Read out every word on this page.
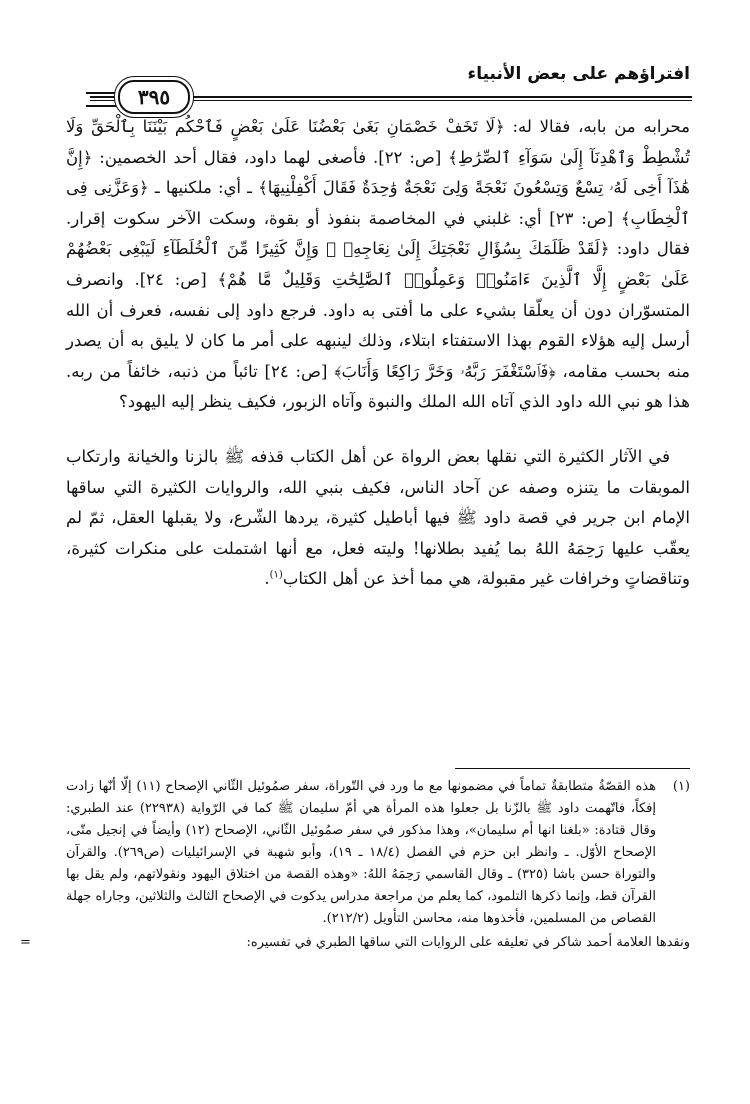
افتراؤهم على بعض الأنبياء
٣٩٥

محرابه من بابه، فقالا له: ﴿لَا تَخَفْ خَصْمَانِ بَغَىٰ بَعْضُنَا عَلَىٰ بَعْضٍ فَٱحْكُم بَيْنَنَا بِٱلْحَقِّ وَلَا تُشْطِطْ وَٱهْدِنَآ إِلَىٰ سَوَآءِ ٱلصِّرَٰطِ﴾ [ص: ٢٢]. فأصغى لهما داود، فقال أحد الخصمين: ﴿إِنَّ هَٰذَآ أَخِى لَهُۥ تِسْعٌ وَتِسْعُونَ نَعْجَةً وَلِىَ نَعْجَةٌ وَٰحِدَةٌ فَقَالَ أَكْفِلْنِيهَا﴾ ـ أي: ملكنيها ـ ﴿وَعَزَّنِى فِى ٱلْخِطَابِ﴾ [ص: ٢٣] أي: غلبني في المخاصمة بنفوذ أو بقوة، وسكت الآخر سكوت إقرار. فقال داود: ﴿لَقَدْ ظَلَمَكَ بِسُؤَالِ نَعْجَتِكَ إِلَىٰ نِعَاجِهِۦ ۖ وَإِنَّ كَثِيرًا مِّنَ ٱلْخُلَطَآءِ لَيَبْغِى بَعْضُهُمْ عَلَىٰ بَعْضٍ إِلَّا ٱلَّذِينَ ءَامَنُوا۟ وَعَمِلُوا۟ ٱلصَّٰلِحَٰتِ وَقَلِيلٌ مَّا هُمْ﴾ [ص: ٢٤]. وانصرف المتسوّران دون أن يعلّقا بشيء على ما أفتى به داود. فرجع داود إلى نفسه، فعرف أن الله أرسل إليه هؤلاء القوم بهذا الاستفتاء ابتلاء، وذلك لينبهه على أمر ما كان لا يليق به أن يصدر منه بحسب مقامه، ﴿فَٱسْتَغْفَرَ رَبَّهُۥ وَخَرَّ رَاكِعًا وَأَنَابَ﴾ [ص: ٢٤] تائباً من ذنبه، خائفاً من ربه. هذا هو نبي الله داود الذي آتاه الله الملك والنبوة وآتاه الزبور، فكيف ينظر إليه اليهود؟

في الآثار الكثيرة التي نقلها بعض الرواة عن أهل الكتاب قذفه ﷺ بالزنا والخيانة وارتكاب الموبقات ما يتنزه وصفه عن آحاد الناس، فكيف بنبي الله، والروايات الكثيرة التي ساقها الإمام ابن جرير في قصة داود ﷺ فيها أباطيل كثيرة، يردها الشّرع، ولا يقبلها العقل، ثمّ لم يعقّب عليها رَحِمَهُ اللهُ بما يُفيد بطلانها! وليته فعل، مع أنها اشتملت على منكرات كثيرة، وتناقضاتٍ وخرافات غير مقبولة، هي مما أخذ عن أهل الكتاب$^{(١)}$.

(١)
هذه القصّةُ متطابقةٌ تماماً في مضمونها مع ما ورد في التّوراة، سفر صمُوئيل الثّاني الإصحاح (١١) إلّا أنّها زادت إفكاً، فاتّهمت داود ﷺ بالزّنا بل جعلوا هذه المرأة هي أمّ سليمان ﷺ كما في الرّواية (٢٢٩٣٨) عند الطبري: وقال قتادة: «بلغنا انها أم سليمان»، وهذا مذكور في سفر صمُوئيل الثّاني، الإصحاح (١٢) وأيضاً في إنجيل متّى، الإصحاح الأوّل. ـ وانظر ابن حزم في الفصل (١٨/٤ ـ ١٩)، وأبو شهبة في الإسرائيليات (ص٢٦٩). والقرآن والتوراة حسن باشا (٣٢٥) ـ وقال القاسمي رَحِمَهُ اللهُ: «وهذه القصة من اختلاق اليهود ونقولاتهم، ولم يقل بها القرآن قط، وإنما ذكرها التلمود، كما يعلم من مراجعة مدراس يدكوت في الإصحاح الثالث والثلاثين، وجاراه جهلة القصاص من المسلمين، فأخذوها منه، محاسن التأويل (٢١٢/٢).

ونقدها العلامة أحمد شاكر في تعليقه على الروايات التي ساقها الطبري في تفسيره:
=
